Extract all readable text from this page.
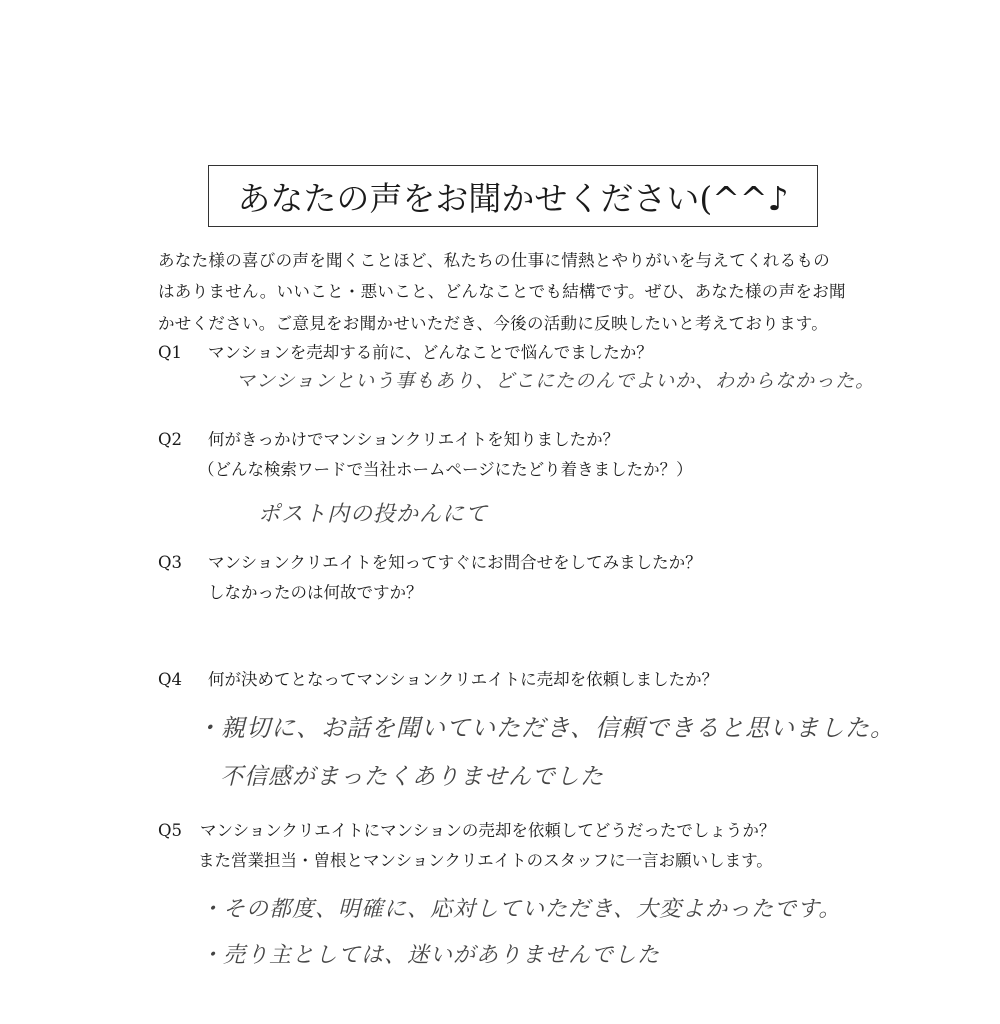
あなたの声をお聞かせください(^^♪
あなた様の喜びの声を聞くことほど、私たちの仕事に情熱とやりがいを与えてくれるもの
はありません。いいこと・悪いこと、どんなことでも結構です。ぜひ、あなた様の声をお聞
かせください。ご意見をお聞かせいただき、今後の活動に反映したいと考えております。
Q1 マンションを売却する前に、どんなことで悩んでましたか？
マンションという事もあり、どこにたのんでよいか、わからなかった。
Q2 何がきっかけでマンションクリエイトを知りましたか？
（どんな検索ワードで当社ホームページにたどり着きましたか？）
ポスト内の投かんにて
Q3 マンションクリエイトを知ってすぐにお問合せをしてみましたか？
しなかったのは何故ですか？
Q4 何が決めてとなってマンションクリエイトに売却を依頼しましたか？
・親切に、お話を聞いていただき、信頼できると思いました。
不信感がまったくありませんでした
Q5 マンションクリエイトにマンションの売却を依頼してどうだったでしょうか？
また営業担当・曽根とマンションクリエイトのスタッフに一言お願いします。
・その都度、明確に、応対していただき、大変よかったです。
・売り主としては、迷いがありませんでした
